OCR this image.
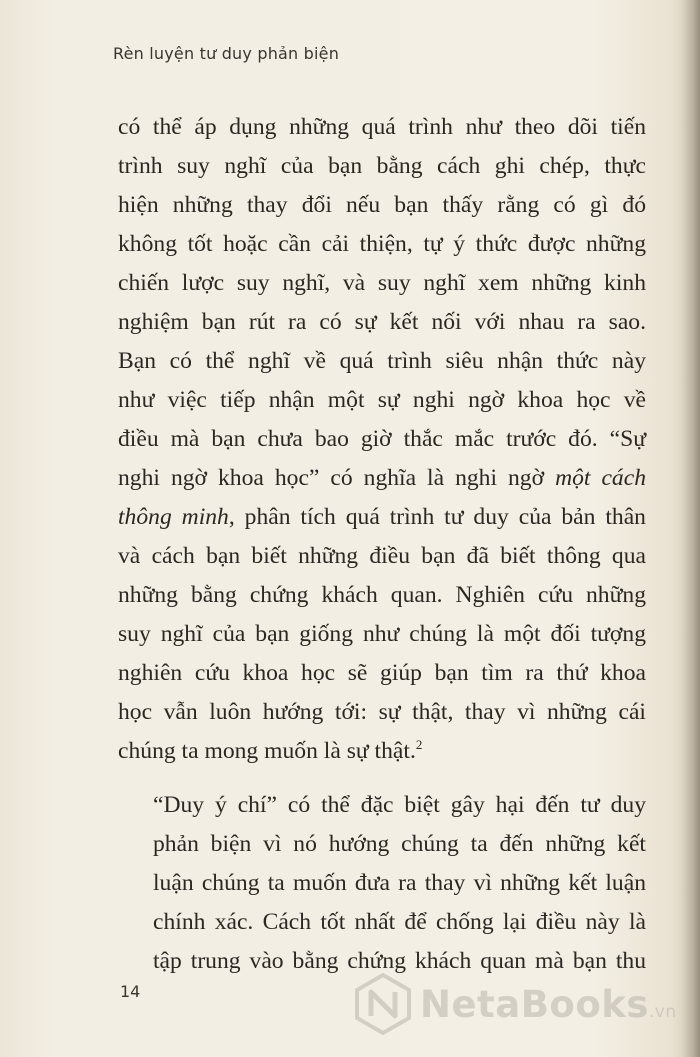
Rèn luyện tư duy phản biện

có thể áp dụng những quá trình như theo dõi tiến
trình suy nghĩ của bạn bằng cách ghi chép, thực
hiện những thay đổi nếu bạn thấy rằng có gì đó
không tốt hoặc cần cải thiện, tự ý thức được những
chiến lược suy nghĩ, và suy nghĩ xem những kinh
nghiệm bạn rút ra có sự kết nối với nhau ra sao.
Bạn có thể nghĩ về quá trình siêu nhận thức này
như việc tiếp nhận một sự nghi ngờ khoa học về
điều mà bạn chưa bao giờ thắc mắc trước đó. “Sự
nghi ngờ khoa học” có nghĩa là nghi ngờ một cách
thông minh, phân tích quá trình tư duy của bản thân
và cách bạn biết những điều bạn đã biết thông qua
những bằng chứng khách quan. Nghiên cứu những
suy nghĩ của bạn giống như chúng là một đối tượng
nghiên cứu khoa học sẽ giúp bạn tìm ra thứ khoa
học vẫn luôn hướng tới: sự thật, thay vì những cái
chúng ta mong muốn là sự thật.$^2$

“Duy ý chí” có thể đặc biệt gây hại đến tư duy
phản biện vì nó hướng chúng ta đến những kết
luận chúng ta muốn đưa ra thay vì những kết luận
chính xác. Cách tốt nhất để chống lại điều này là
tập trung vào bằng chứng khách quan mà bạn thu

14	NetaBooks.vn
